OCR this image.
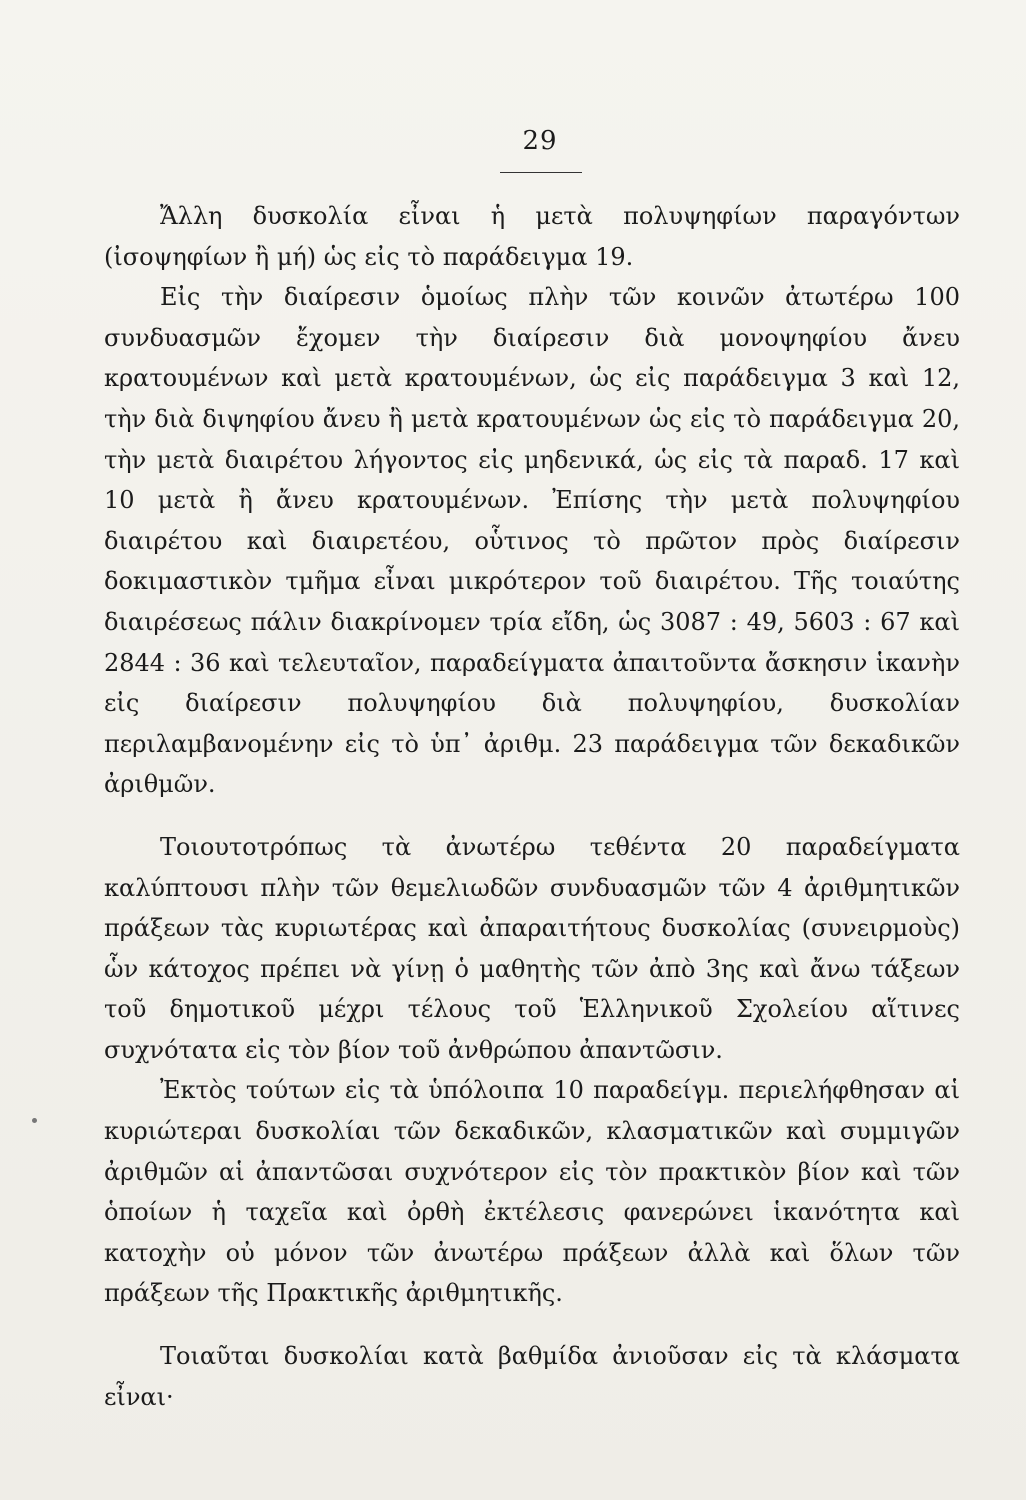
29

Ἄλλη δυσκολία εἶναι ἡ μετὰ πολυψηφίων παραγόντων (ἰσοψηφίων ἢ μή) ὡς εἰς τὸ παράδειγμα 19.

Εἰς τὴν διαίρεσιν ὁμοίως πλὴν τῶν κοινῶν ἀτωτέρω 100 συνδυασμῶν ἔχομεν τὴν διαίρεσιν διὰ μονοψηφίου ἄνευ κρατουμένων καὶ μετὰ κρατουμένων, ὡς εἰς παράδειγμα 3 καὶ 12, τὴν διὰ διψηφίου ἄνευ ἢ μετὰ κρατουμένων ὡς εἰς τὸ παράδειγμα 20, τὴν μετὰ διαιρέτου λήγοντος εἰς μηδενικά, ὡς εἰς τὰ παραδ. 17 καὶ 10 μετὰ ἢ ἄνευ κρατουμένων. Ἐπίσης τὴν μετὰ πολυψηφίου διαιρέτου καὶ διαιρετέου, οὗτινος τὸ πρῶτον πρὸς διαίρεσιν δοκιμαστικὸν τμῆμα εἶναι μικρότερον τοῦ διαιρέτου. Τῆς τοιαύτης διαιρέσεως πάλιν διακρίνομεν τρία εἴδη, ὡς 3087 : 49, 5603 : 67 καὶ 2844 : 36 καὶ τελευταῖον, παραδείγματα ἀπαιτοῦντα ἄσκησιν ἱκανὴν εἰς διαίρεσιν πολυψηφίου διὰ πολυψηφίου, δυσκολίαν περιλαμβανομένην εἰς τὸ ὑπ᾽ ἀριθμ. 23 παράδειγμα τῶν δεκαδικῶν ἀριθμῶν.

Τοιουτοτρόπως τὰ ἀνωτέρω τεθέντα 20 παραδείγματα καλύπτουσι πλὴν τῶν θεμελιωδῶν συνδυασμῶν τῶν 4 ἀριθμητικῶν πράξεων τὰς κυριωτέρας καὶ ἀπαραιτήτους δυσκολίας (συνειρμοὺς) ὧν κάτοχος πρέπει νὰ γίνῃ ὁ μαθητὴς τῶν ἀπὸ 3ης καὶ ἄνω τάξεων τοῦ δημοτικοῦ μέχρι τέλους τοῦ Ἑλληνικοῦ Σχολείου αἵτινες συχνότατα εἰς τὸν βίον τοῦ ἀνθρώπου ἀπαντῶσιν.

Ἐκτὸς τούτων εἰς τὰ ὑπόλοιπα 10 παραδείγμ. περιελήφθησαν αἱ κυριώτεραι δυσκολίαι τῶν δεκαδικῶν, κλασματικῶν καὶ συμμιγῶν ἀριθμῶν αἱ ἀπαντῶσαι συχνότερον εἰς τὸν πρακτικὸν βίον καὶ τῶν ὁποίων ἡ ταχεῖα καὶ ὀρθὴ ἐκτέλεσις φανερώνει ἱκανότητα καὶ κατοχὴν οὐ μόνον τῶν ἀνωτέρω πράξεων ἀλλὰ καὶ ὅλων τῶν πράξεων τῆς Πρακτικῆς ἀριθμητικῆς.

Τοιαῦται δυσκολίαι κατὰ βαθμίδα ἀνιοῦσαν εἰς τὰ κλάσματα εἶναι·
